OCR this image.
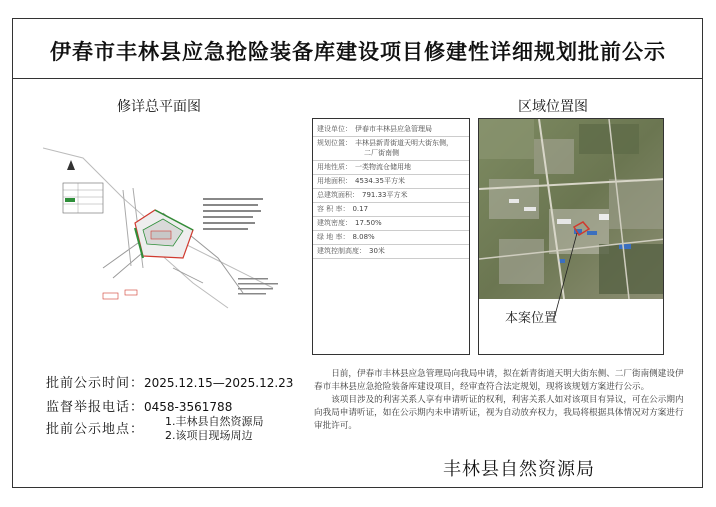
伊春市丰林县应急抢险装备库建设项目修建性详细规划批前公示
修详总平面图	区域位置图
建设单位： 伊春市丰林县应急管理局
规划位置： 丰林县新青街道天明大街东侧，
二厂街南侧
用地性质： 一类物流仓储用地
用地面积： 4534.35平方米
总建筑面积： 791.33平方米
容 积 率： 0.17
建筑密度： 17.50%
绿 地 率： 8.08%
建筑控制高度： 30米
本案位置
批前公示时间：2025.12.15—2025.12.23
监督举报电话：0458-3561788
批前公示地点：
1.丰林县自然资源局
2.该项目现场周边
日前，伊春市丰林县应急管理局向我局申请，拟在新青街道天明大街东侧、二厂街南侧建设伊春市丰林县应急抢险装备库建设项目，经审查符合法定规划，现将该规划方案进行公示。
该项目涉及的利害关系人享有申请听证的权利，利害关系人如对该项目有异议，可在公示期内向我局申请听证，如在公示期内未申请听证，视为自动放弃权力，我局将根据具体情况对方案进行审批许可。
丰林县自然资源局
